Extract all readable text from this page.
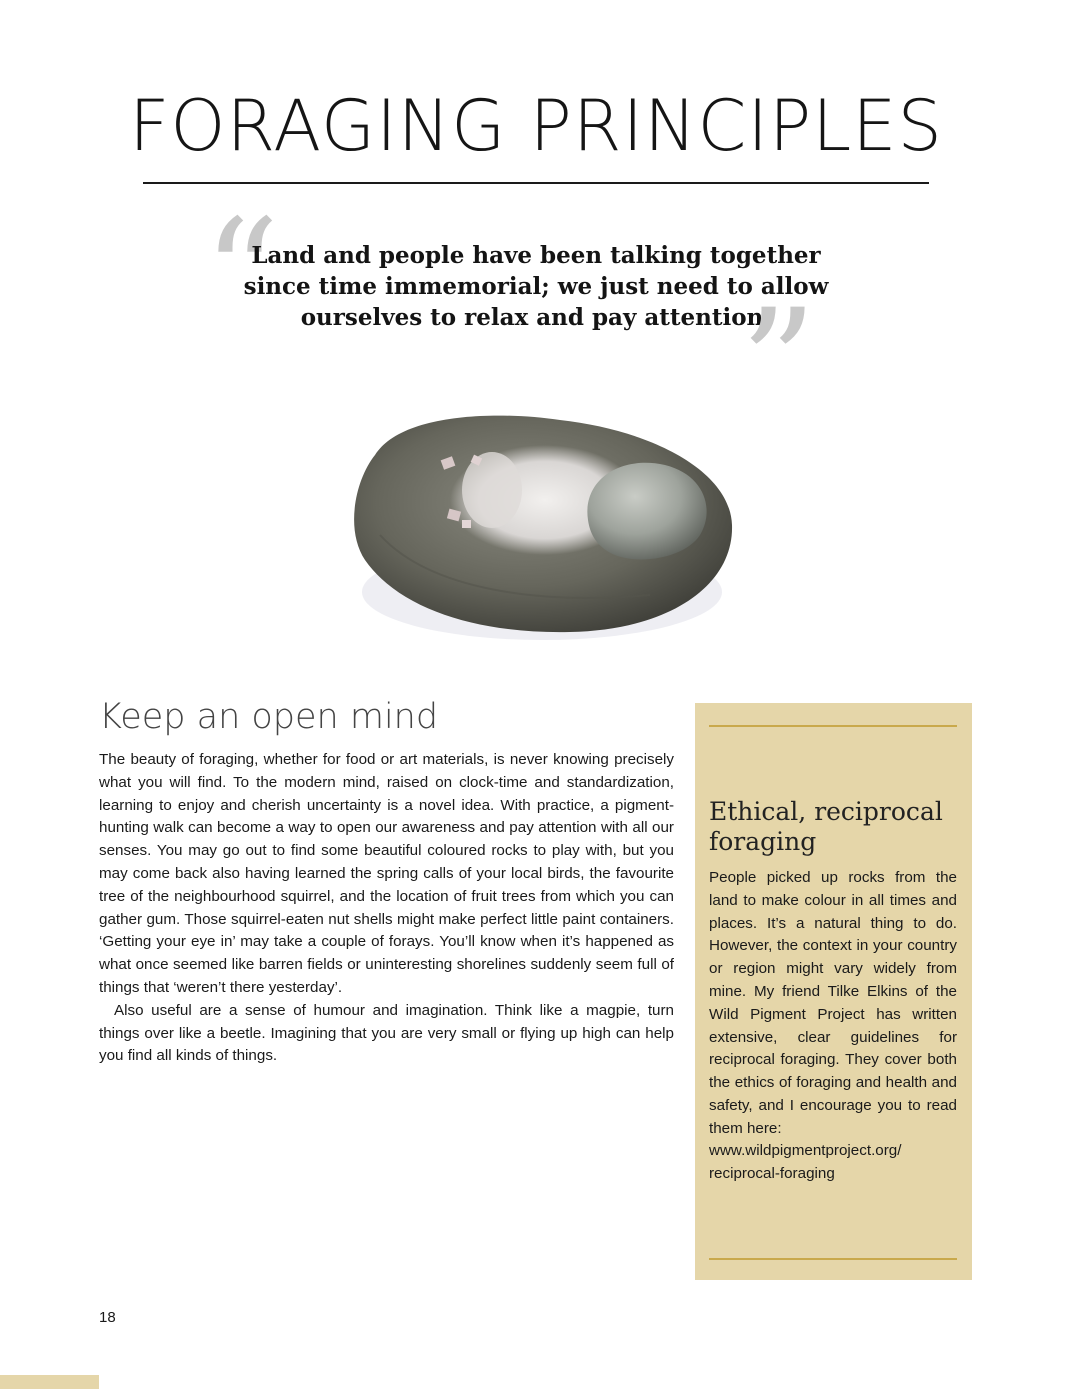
FORAGING PRINCIPLES
“

Land and people have been talking together since time immemorial; we just need to allow ourselves to relax and pay attention.

”
Keep an open mind

The beauty of foraging, whether for food or art materials, is never knowing precisely what you will find. To the modern mind, raised on clock-time and standardization, learning to enjoy and cherish uncertainty is a novel idea. With practice, a pigment-hunting walk can become a way to open our awareness and pay attention with all our senses. You may go out to find some beautiful coloured rocks to play with, but you may come back also having learned the spring calls of your local birds, the favourite tree of the neighbourhood squirrel, and the location of fruit trees from which you can gather gum. Those squirrel-eaten nut shells might make perfect little paint containers. ‘Getting your eye in’ may take a couple of forays. You’ll know when it’s happened as what once seemed like barren fields or uninteresting shorelines suddenly seem full of things that ‘weren’t there yesterday’.

Also useful are a sense of humour and imagination. Think like a magpie, turn things over like a beetle. Imagining that you are very small or flying up high can help you find all kinds of things.

Ethical, reciprocal foraging

People picked up rocks from the land to make colour in all times and places. It’s a natural thing to do. However, the context in your country or region might vary widely from mine. My friend Tilke Elkins of the Wild Pigment Project has written extensive, clear guidelines for reciprocal foraging. They cover both the ethics of foraging and health and safety, and I encourage you to read them here:

www.wildpigmentproject.org/
reciprocal-foraging
18
